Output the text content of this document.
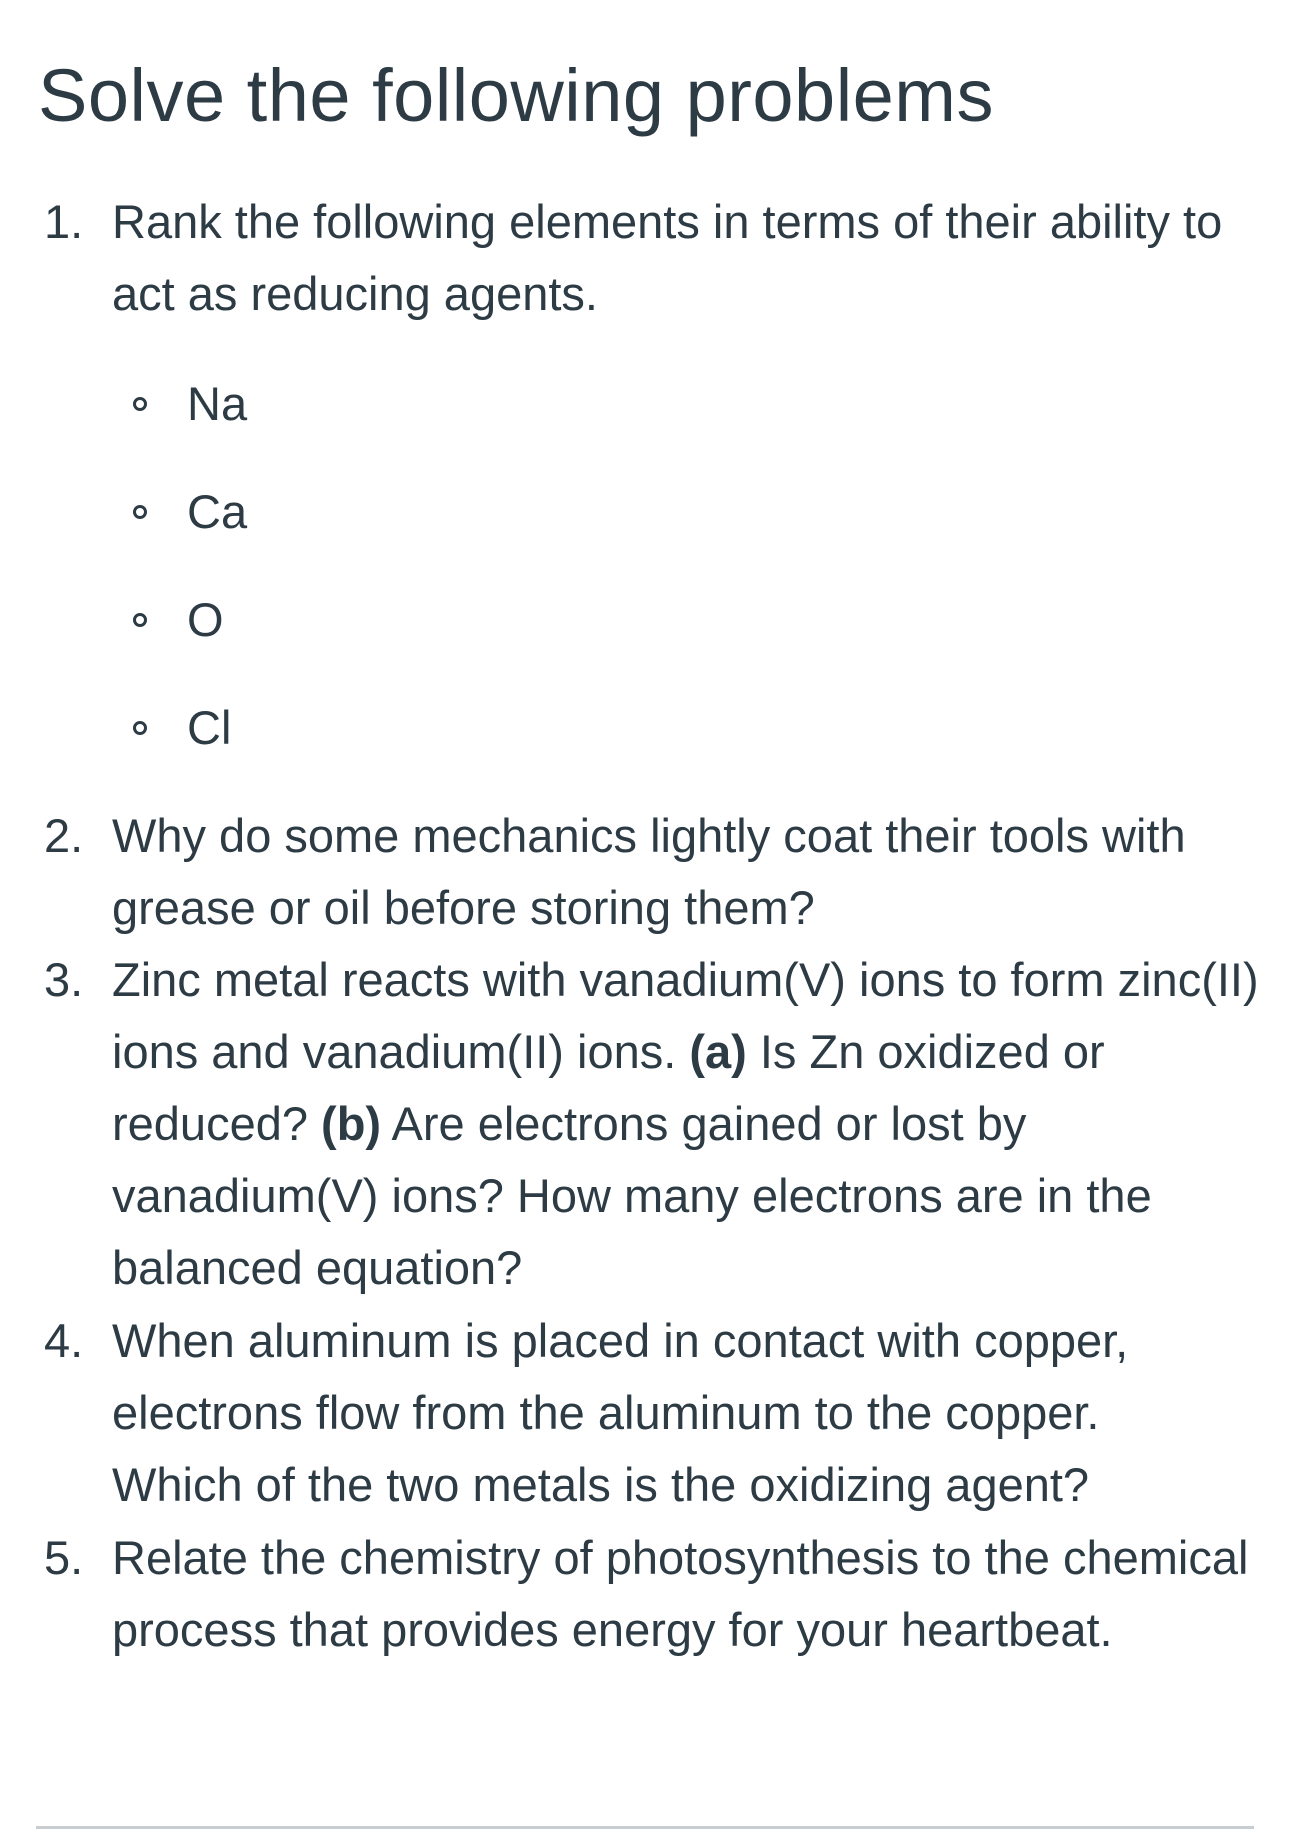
Solve the following problems
1. Rank the following elements in terms of their ability to
act as reducing agents.
Na
Ca
O
Cl
2. Why do some mechanics lightly coat their tools with
grease or oil before storing them?
3. Zinc metal reacts with vanadium(V) ions to form zinc(II)
ions and vanadium(II) ions. (a) Is Zn oxidized or
reduced? (b) Are electrons gained or lost by
vanadium(V) ions? How many electrons are in the
balanced equation?
4. When aluminum is placed in contact with copper,
electrons flow from the aluminum to the copper.
Which of the two metals is the oxidizing agent?
5. Relate the chemistry of photosynthesis to the chemical
process that provides energy for your heartbeat.
